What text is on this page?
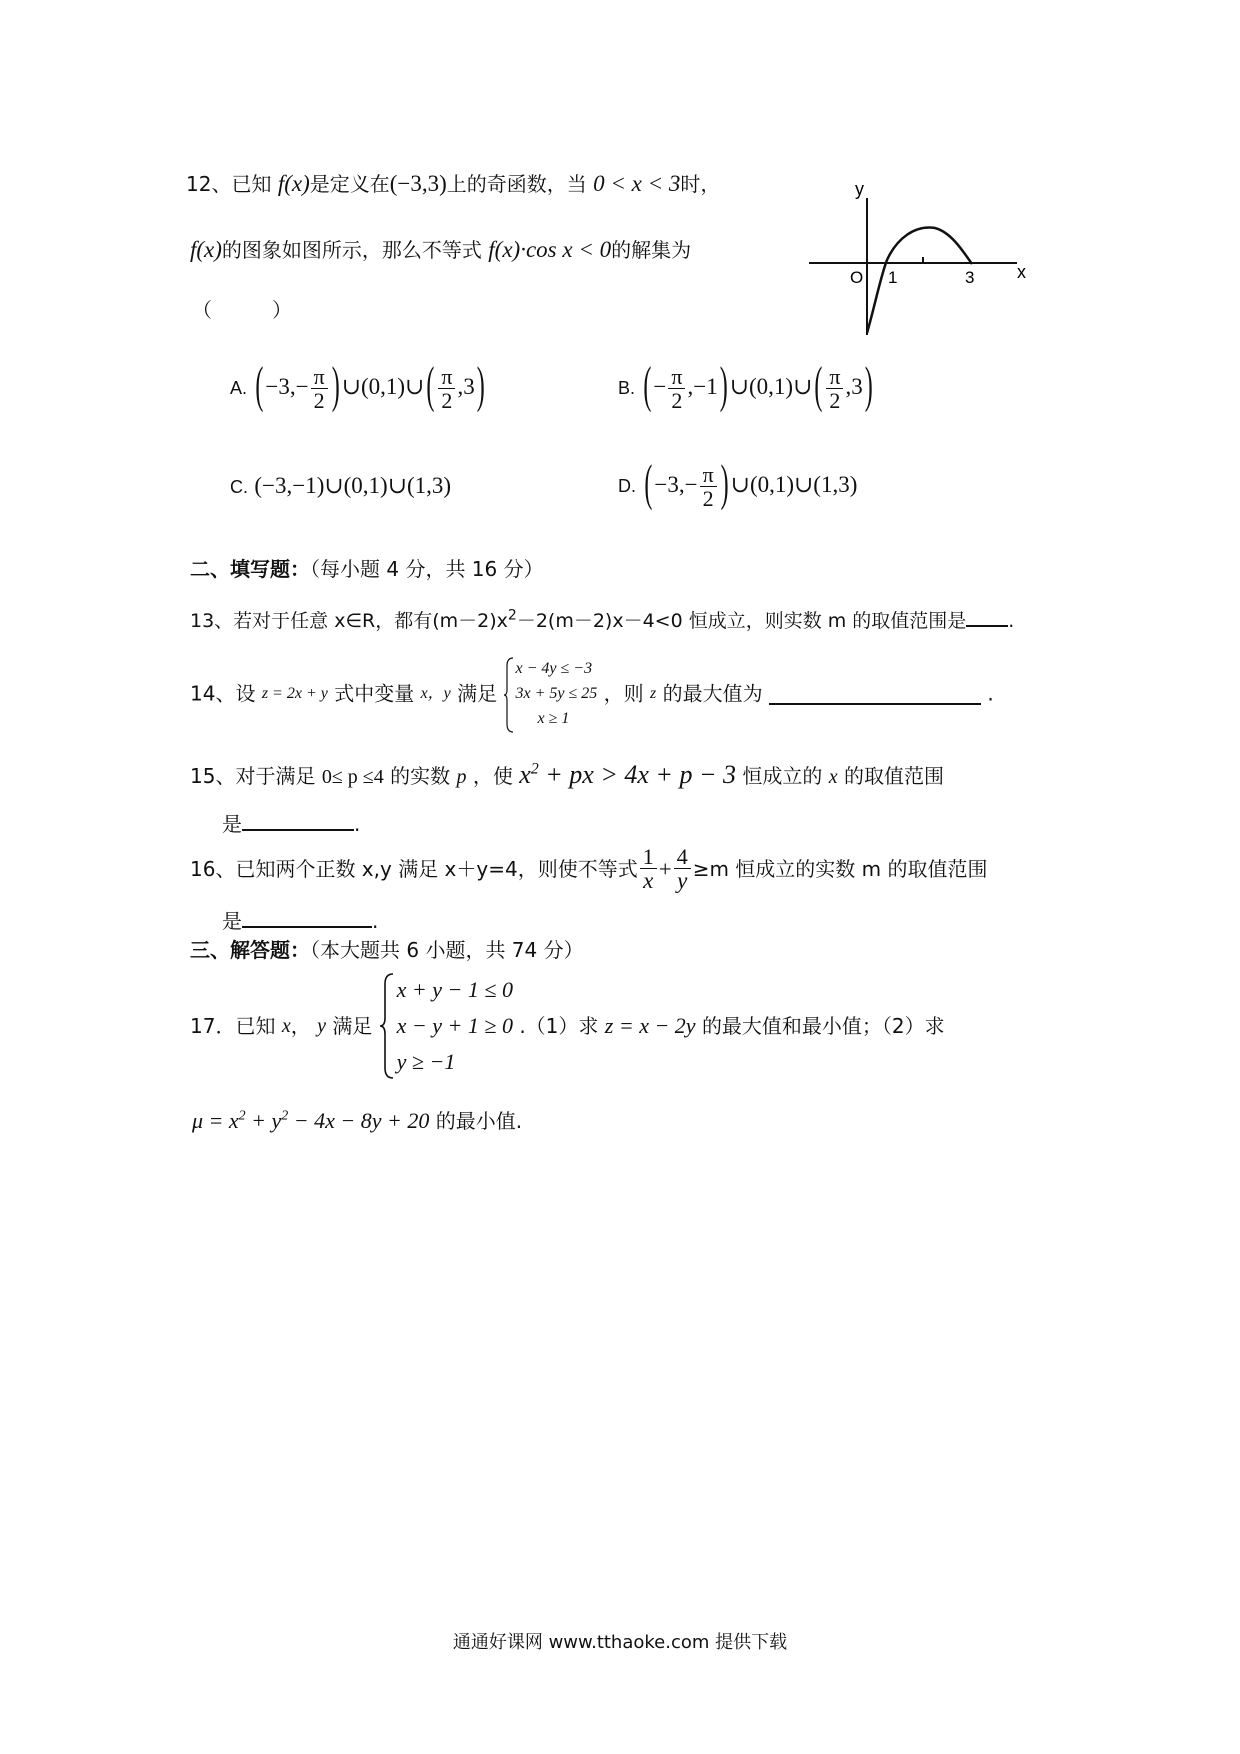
12、已知 f(x)是定义在(−3,3)上的奇函数，当 0 < x < 3时，
f(x)的图象如图所示，那么不等式 f(x)·cos x < 0的解集为
（　　　）
y
x
O 1	3
A. ($-3,- \frac{\pi}{2}$ )∪(0,1)∪( $\frac{\pi}{2} ,3$)	B. (− $\frac{\pi}{2}$ ,−1)∪(0,1)∪( $\frac{\pi}{2} ,3$)
C. (−3,−1)∪(0,1)∪(1,3)	D. ($-3,- \frac{\pi}{2}$ )∪(0,1)∪(1,3)
二、填写题：（每小题 4 分，共 16 分）
13、若对于任意 x∈R，都有$(m-2)x^2-2(m-2)x-4<0$ 恒成立，则实数 m 的取值范围是 .
14、设 z = 2x + y 式中变量 x，y 满足
x − 4y ≤ −3
3x + 5y ≤ 25
x ≥ 1
，则 z 的最大值为	.
15、对于满足 0≤ p ≤4 的实数 p ，使 $x^2$ + px > 4x + p − 3 恒成立的 x 的取值范围
是	.
16、已知两个正数 x,y 满足 x＋y=4，则使不等式 $\frac{1}{x} + \frac{4}{y} \ge m$ 恒成立的实数 m 的取值范围
是	.
三、解答题：（本大题共 6 小题，共 74 分）
17．已知 x， y 满足
x + y − 1 ≤ 0
x − y + 1 ≥ 0
y ≥ −1
.（1）求 z = x − 2y 的最大值和最小值；（2）求
$\mu = x^2 + y^2 - 4x - 8y + 20$ 的最小值.
通通好课网 www.tthaoke.com 提供下载
